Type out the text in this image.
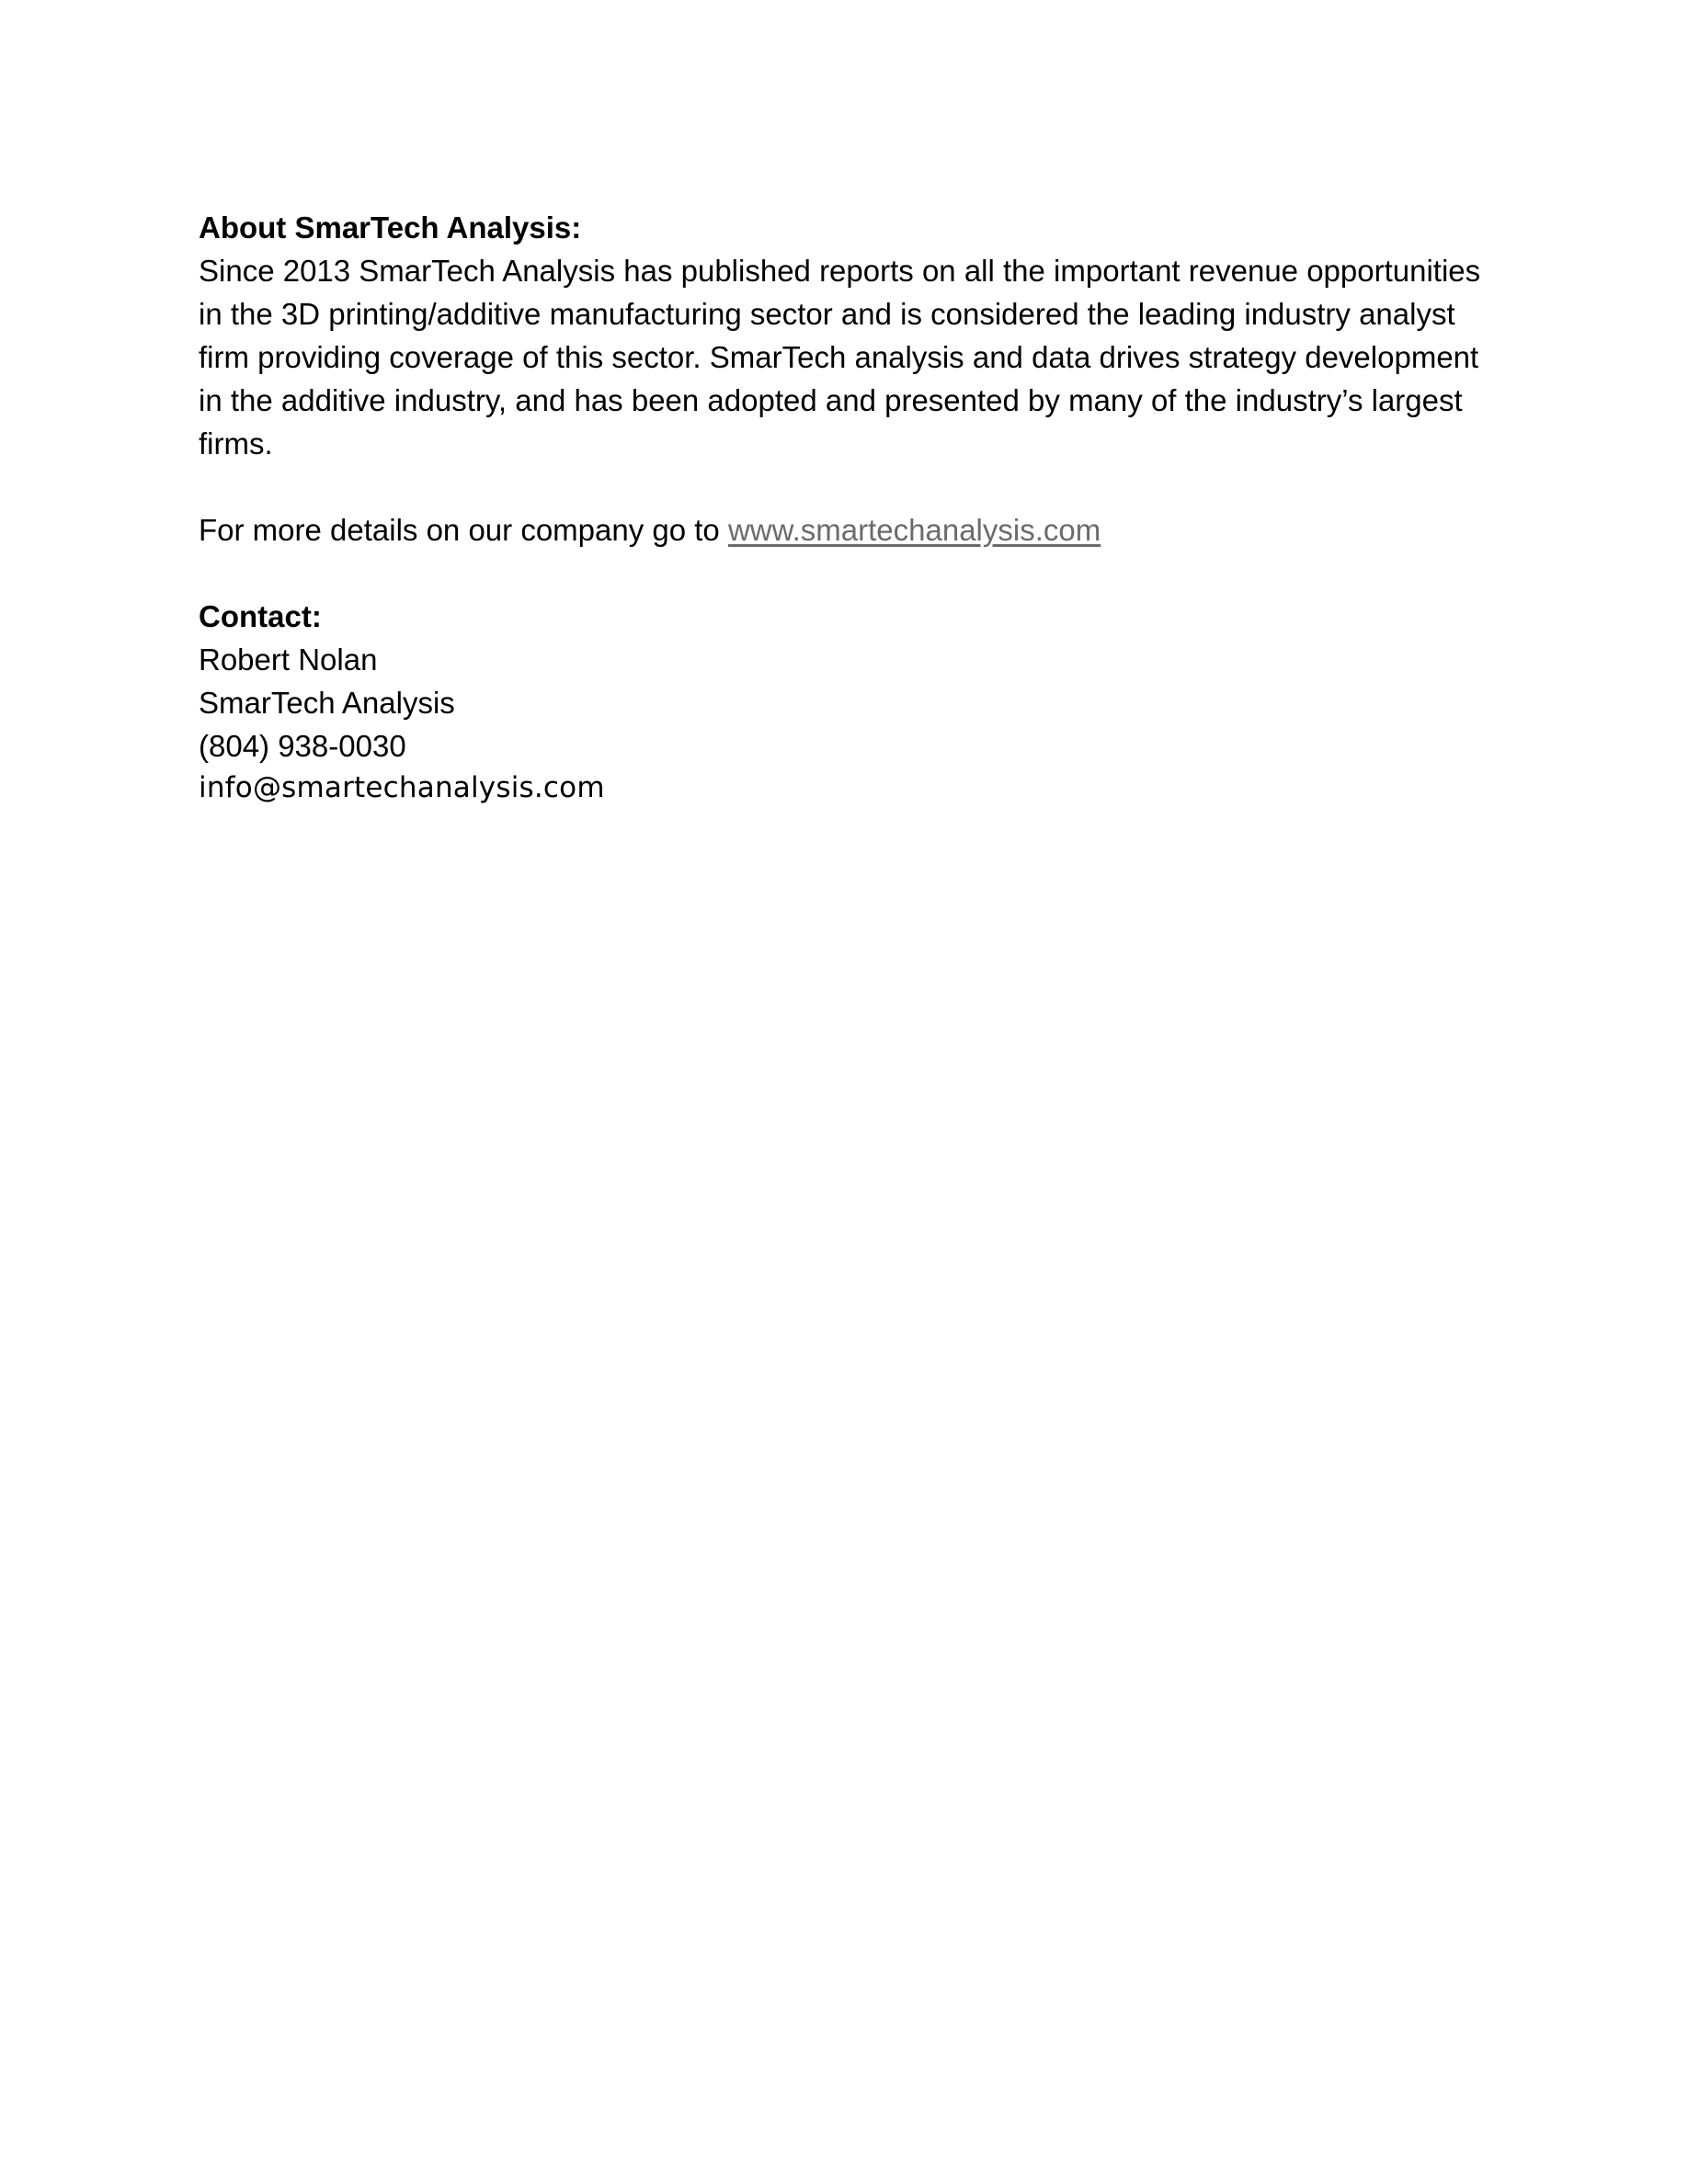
About SmarTech Analysis:

Since 2013 SmarTech Analysis has published reports on all the important revenue opportunities in the 3D printing/additive manufacturing sector and is considered the leading industry analyst firm providing coverage of this sector. SmarTech analysis and data drives strategy development in the additive industry, and has been adopted and presented by many of the industry’s largest firms.

For more details on our company go to www.smartechanalysis.com

Contact:

Robert Nolan

SmarTech Analysis

(804) 938-0030

info@smartechanalysis.com
